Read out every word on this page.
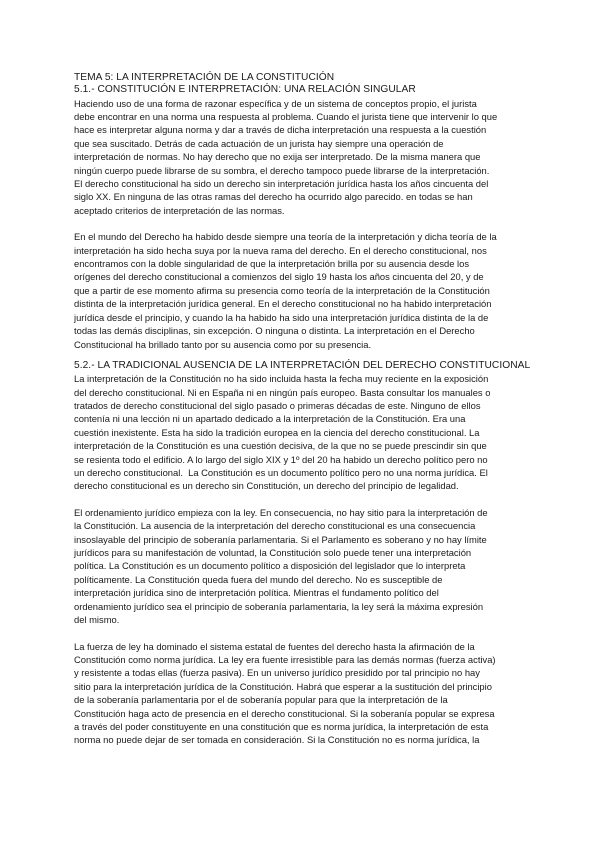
TEMA 5: LA INTERPRETACIÓN DE LA CONSTITUCIÓN
5.1.- CONSTITUCIÓN E INTERPRETACIÓN: UNA RELACIÓN SINGULAR
Haciendo uso de una forma de razonar específica y de un sistema de conceptos propio, el jurista
debe encontrar en una norma una respuesta al problema. Cuando el jurista tiene que intervenir lo que
hace es interpretar alguna norma y dar a través de dicha interpretación una respuesta a la cuestión
que sea suscitado. Detrás de cada actuación de un jurista hay siempre una operación de
interpretación de normas. No hay derecho que no exija ser interpretado. De la misma manera que
ningún cuerpo puede librarse de su sombra, el derecho tampoco puede librarse de la interpretación.
El derecho constitucional ha sido un derecho sin interpretación jurídica hasta los años cincuenta del
siglo XX. En ninguna de las otras ramas del derecho ha ocurrido algo parecido. en todas se han
aceptado criterios de interpretación de las normas.
En el mundo del Derecho ha habido desde siempre una teoría de la interpretación y dicha teoría de la
interpretación ha sido hecha suya por la nueva rama del derecho. En el derecho constitucional, nos
encontramos con la doble singularidad de que la interpretación brilla por su ausencia desde los
orígenes del derecho constitucional a comienzos del siglo 19 hasta los años cincuenta del 20, y de
que a partir de ese momento afirma su presencia como teoría de la interpretación de la Constitución
distinta de la interpretación jurídica general. En el derecho constitucional no ha habido interpretación
jurídica desde el principio, y cuando la ha habido ha sido una interpretación jurídica distinta de la de
todas las demás disciplinas, sin excepción. O ninguna o distinta. La interpretación en el Derecho
Constitucional ha brillado tanto por su ausencia como por su presencia.
5.2.- LA TRADICIONAL AUSENCIA DE LA INTERPRETACIÓN DEL DERECHO CONSTITUCIONAL
La interpretación de la Constitución no ha sido incluida hasta la fecha muy reciente en la exposición
del derecho constitucional. Ni en España ni en ningún país europeo. Basta consultar los manuales o
tratados de derecho constitucional del siglo pasado o primeras décadas de este. Ninguno de ellos
contenía ni una lección ni un apartado dedicado a la interpretación de la Constitución. Era una
cuestión inexistente. Esta ha sido la tradición europea en la ciencia del derecho constitucional. La
interpretación de la Constitución es una cuestión decisiva, de la que no se puede prescindir sin que
se resienta todo el edificio. A lo largo del siglo XIX y 1º del 20 ha habido un derecho político pero no
un derecho constitucional.  La Constitución es un documento político pero no una norma jurídica. El
derecho constitucional es un derecho sin Constitución, un derecho del principio de legalidad.
El ordenamiento jurídico empieza con la ley. En consecuencia, no hay sitio para la interpretación de
la Constitución. La ausencia de la interpretación del derecho constitucional es una consecuencia
insoslayable del principio de soberanía parlamentaria. Si el Parlamento es soberano y no hay límite
jurídicos para su manifestación de voluntad, la Constitución solo puede tener una interpretación
política. La Constitución es un documento político a disposición del legislador que lo interpreta
políticamente. La Constitución queda fuera del mundo del derecho. No es susceptible de
interpretación jurídica sino de interpretación política. Mientras el fundamento político del
ordenamiento jurídico sea el principio de soberanía parlamentaria, la ley será la máxima expresión
del mismo.
La fuerza de ley ha dominado el sistema estatal de fuentes del derecho hasta la afirmación de la
Constitución como norma jurídica. La ley era fuente irresistible para las demás normas (fuerza activa)
y resistente a todas ellas (fuerza pasiva). En un universo jurídico presidido por tal principio no hay
sitio para la interpretación jurídica de la Constitución. Habrá que esperar a la sustitución del principio
de la soberanía parlamentaria por el de soberanía popular para que la interpretación de la
Constitución haga acto de presencia en el derecho constitucional. Si la soberanía popular se expresa
a través del poder constituyente en una constitución que es norma jurídica, la interpretación de esta
norma no puede dejar de ser tomada en consideración. Si la Constitución no es norma jurídica, la
